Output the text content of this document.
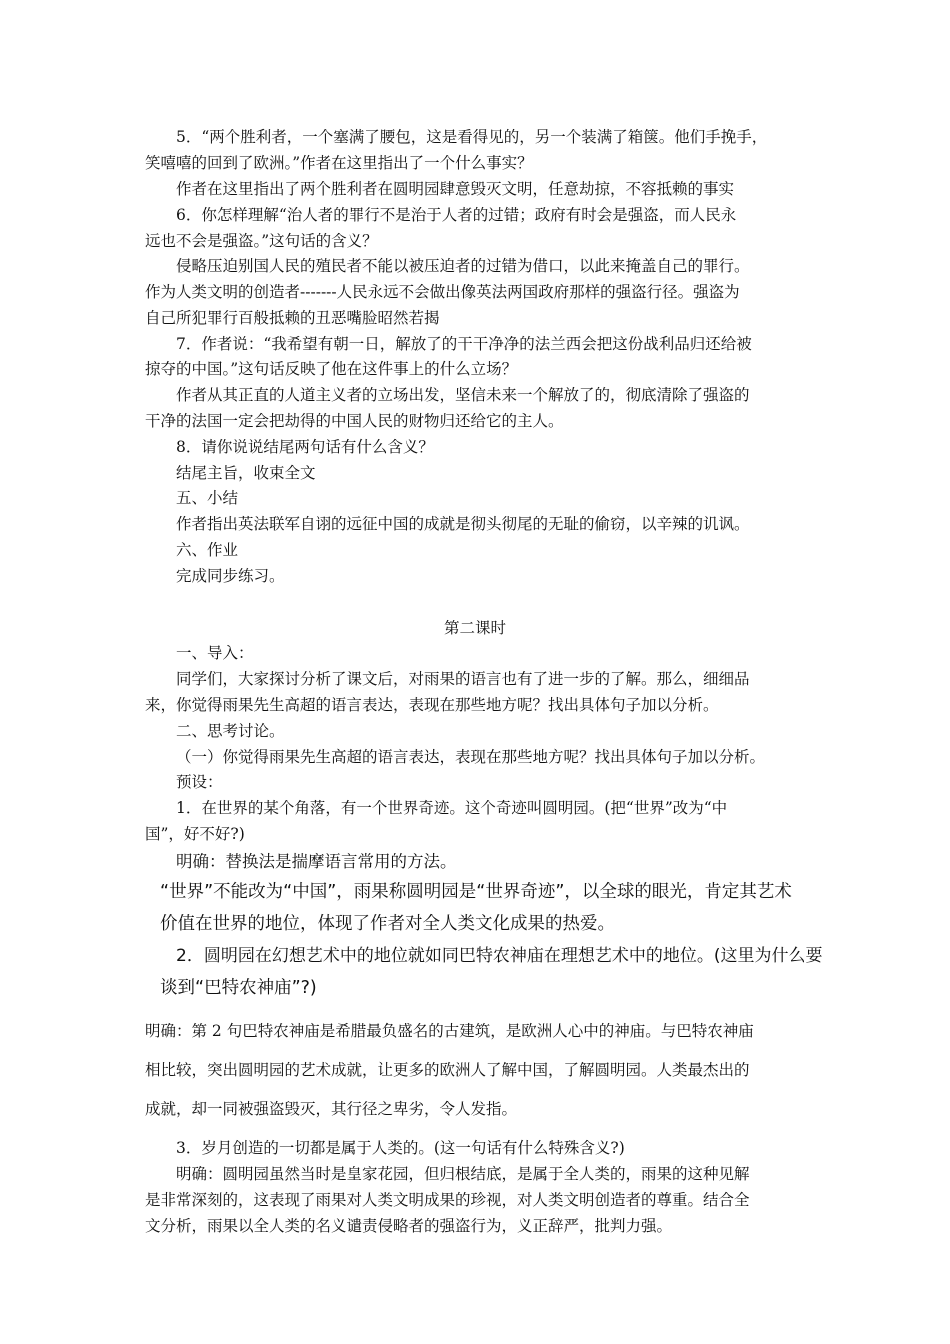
5．“两个胜利者，一个塞满了腰包，这是看得见的，另一个装满了箱箧。他们手挽手，

笑嘻嘻的回到了欧洲。”作者在这里指出了一个什么事实？

作者在这里指出了两个胜利者在圆明园肆意毁灭文明，任意劫掠，不容抵赖的事实

6．你怎样理解“治人者的罪行不是治于人者的过错；政府有时会是强盗，而人民永

远也不会是强盗。”这句话的含义？

侵略压迫别国人民的殖民者不能以被压迫者的过错为借口，以此来掩盖自己的罪行。

作为人类文明的创造者-------人民永远不会做出像英法两国政府那样的强盗行径。强盗为

自己所犯罪行百般抵赖的丑恶嘴脸昭然若揭

7．作者说：“我希望有朝一日，解放了的干干净净的法兰西会把这份战利品归还给被

掠夺的中国。”这句话反映了他在这件事上的什么立场？

作者从其正直的人道主义者的立场出发，坚信未来一个解放了的，彻底清除了强盗的

干净的法国一定会把劫得的中国人民的财物归还给它的主人。

8．请你说说结尾两句话有什么含义？

结尾主旨，收束全文

五、小结

作者指出英法联军自诩的远征中国的成就是彻头彻尾的无耻的偷窃，以辛辣的讥讽。

六、作业

完成同步练习。

第二课时

一、导入：

同学们，大家探讨分析了课文后，对雨果的语言也有了进一步的了解。那么，细细品

来，你觉得雨果先生高超的语言表达，表现在那些地方呢？找出具体句子加以分析。

二、思考讨论。

（一）你觉得雨果先生高超的语言表达，表现在那些地方呢？找出具体句子加以分析。

预设：

1．在世界的某个角落，有一个世界奇迹。这个奇迹叫圆明园。(把“世界”改为“中

国”，好不好?)

明确：替换法是揣摩语言常用的方法。

“世界”不能改为“中国”，雨果称圆明园是“世界奇迹”，以全球的眼光，肯定其艺术

价值在世界的地位，体现了作者对全人类文化成果的热爱。

2．圆明园在幻想艺术中的地位就如同巴特农神庙在理想艺术中的地位。(这里为什么要

谈到“巴特农神庙”?)

明确：第 2 句巴特农神庙是希腊最负盛名的古建筑，是欧洲人心中的神庙。与巴特农神庙

相比较，突出圆明园的艺术成就，让更多的欧洲人了解中国，了解圆明园。人类最杰出的

成就，却一同被强盗毁灭，其行径之卑劣，令人发指。

3．岁月创造的一切都是属于人类的。(这一句话有什么特殊含义?)

明确：圆明园虽然当时是皇家花园，但归根结底，是属于全人类的，雨果的这种见解

是非常深刻的，这表现了雨果对人类文明成果的珍视，对人类文明创造者的尊重。结合全

文分析，雨果以全人类的名义谴责侵略者的强盗行为，义正辞严，批判力强。
